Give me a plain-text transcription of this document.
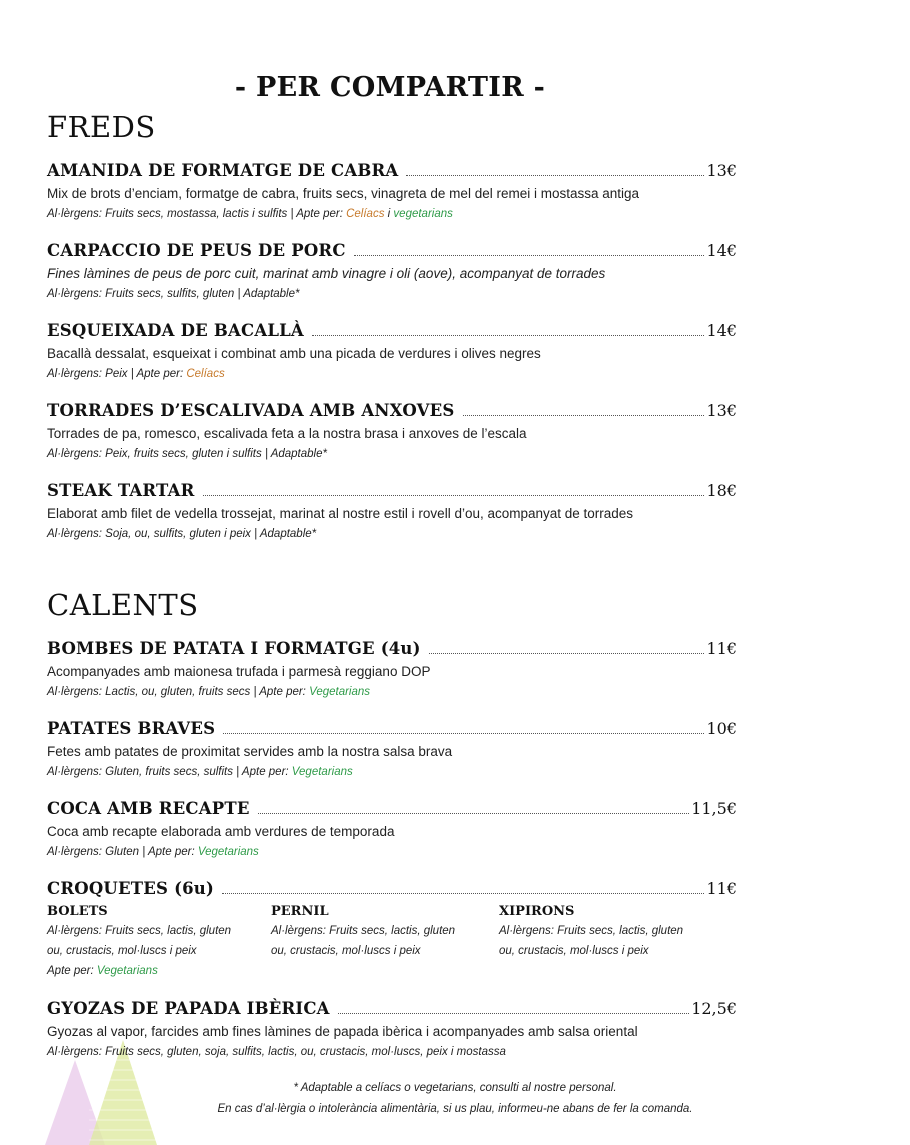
- PER COMPARTIR -
FREDS
AMANIDA DE FORMATGE DE CABRA	13€
Mix de brots d’enciam, formatge de cabra, fruits secs, vinagreta de mel del remei i mostassa antiga
Al·lèrgens: Fruits secs, mostassa, lactis i sulfits | Apte per: Celíacs i vegetarians
CARPACCIO DE PEUS DE PORC	14€
Fines làmines de peus de porc cuit, marinat amb vinagre i oli (aove), acompanyat de torrades
Al·lèrgens: Fruits secs, sulfits, gluten | Adaptable*
ESQUEIXADA DE BACALLÀ	14€
Bacallà dessalat, esqueixat i combinat amb una picada de verdures i olives negres
Al·lèrgens: Peix | Apte per: Celíacs
TORRADES D’ESCALIVADA AMB ANXOVES	13€
Torrades de pa, romesco, escalivada feta a la nostra brasa i anxoves de l’escala
Al·lèrgens: Peix, fruits secs, gluten i sulfits | Adaptable*
STEAK TARTAR	18€
Elaborat amb filet de vedella trossejat, marinat al nostre estil i rovell d’ou, acompanyat de torrades
Al·lèrgens: Soja, ou, sulfits, gluten i peix | Adaptable*
CALENTS
BOMBES DE PATATA I FORMATGE (4u)	11€
Acompanyades amb maionesa trufada i parmesà reggiano DOP
Al·lèrgens: Lactis, ou, gluten, fruits secs | Apte per: Vegetarians
PATATES BRAVES	10€
Fetes amb patates de proximitat servides amb la nostra salsa brava
Al·lèrgens: Gluten, fruits secs, sulfits | Apte per: Vegetarians
COCA AMB RECAPTE	11,5€
Coca amb recapte elaborada amb verdures de temporada
Al·lèrgens: Gluten | Apte per: Vegetarians
CROQUETES (6u)	11€
BOLETS
Al·lèrgens: Fruits secs, lactis, gluten
ou, crustacis, mol·luscs i peix
Apte per: Vegetarians
PERNIL
Al·lèrgens: Fruits secs, lactis, gluten
ou, crustacis, mol·luscs i peix
XIPIRONS
Al·lèrgens: Fruits secs, lactis, gluten
ou, crustacis, mol·luscs i peix
GYOZAS DE PAPADA IBÈRICA	12,5€
Gyozas al vapor, farcides amb fines làmines de papada ibèrica i acompanyades amb salsa oriental
Al·lèrgens: Fruits secs, gluten, soja, sulfits, lactis, ou, crustacis, mol·luscs, peix i mostassa
* Adaptable a celíacs o vegetarians, consulti al nostre personal.
En cas d’al·lèrgia o intolerància alimentària, si us plau, informeu-ne abans de fer la comanda.
